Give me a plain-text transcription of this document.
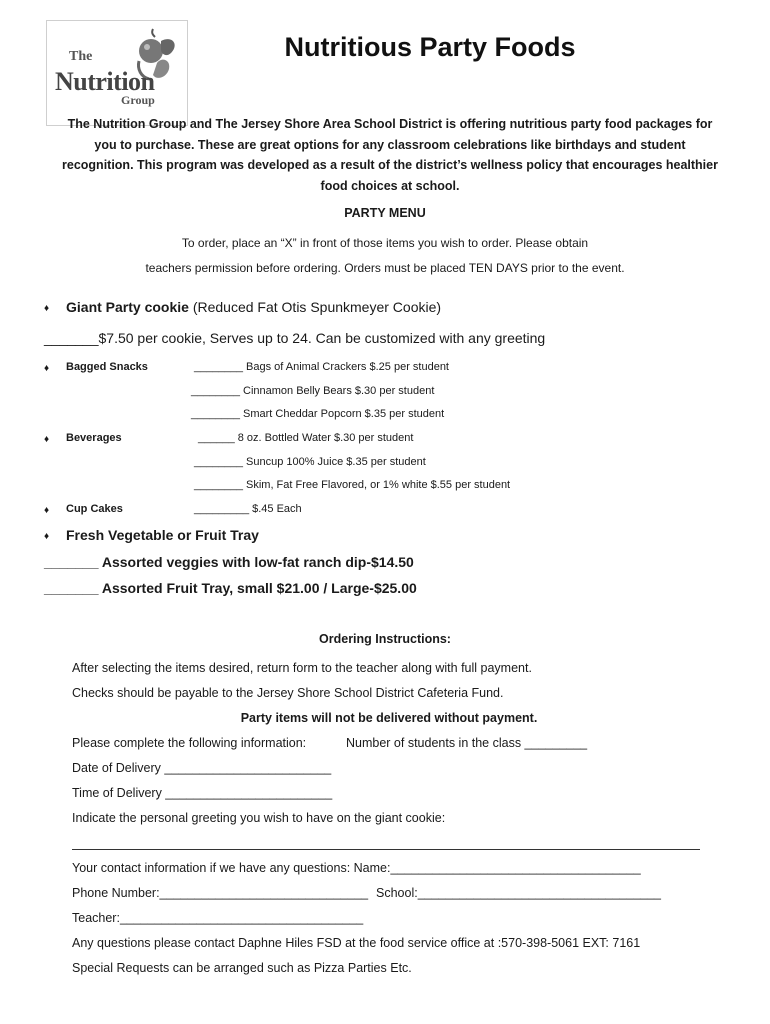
The
Nutrition
Group
Nutritious Party Foods
The Nutrition Group and The Jersey Shore Area School District is offering nutritious party food packages for you to purchase. These are great options for any classroom celebrations like birthdays and student recognition. This program was developed as a result of the district’s wellness policy that encourages healthier food choices at school.
PARTY MENU
To order, place an “X” in front of those items you wish to order. Please obtain
teachers permission before ordering. Orders must be placed TEN DAYS prior to the event.
♦ Giant Party cookie (Reduced Fat Otis Spunkmeyer Cookie)
_______$7.50 per cookie, Serves up to 24. Can be customized with any greeting
♦ Bagged Snacks	________ Bags of Animal Crackers $.25 per student
________ Cinnamon Belly Bears $.30 per student
________ Smart Cheddar Popcorn $.35 per student
♦ Beverages	______ 8 oz. Bottled Water $.30 per student
________ Suncup 100% Juice $.35 per student
________ Skim, Fat Free Flavored, or 1% white $.55 per student
♦ Cup Cakes	_________ $.45 Each
♦ Fresh Vegetable or Fruit Tray
_______ Assorted veggies with low-fat ranch dip-$14.50
_______ Assorted Fruit Tray, small $21.00 / Large-$25.00
Ordering Instructions:
After selecting the items desired, return form to the teacher along with full payment.
Checks should be payable to the Jersey Shore School District Cafeteria Fund.
Party items will not be delivered without payment.
Please complete the following information:	Number of students in the class _________
Date of Delivery ________________________
Time of Delivery ________________________
Indicate the personal greeting you wish to have on the giant cookie:
Your contact information if we have any questions: Name:____________________________________
Phone Number:______________________________ School:___________________________________
Teacher:___________________________________
Any questions please contact Daphne Hiles FSD at the food service office at :570-398-5061 EXT: 7161
Special Requests can be arranged such as Pizza Parties Etc.
